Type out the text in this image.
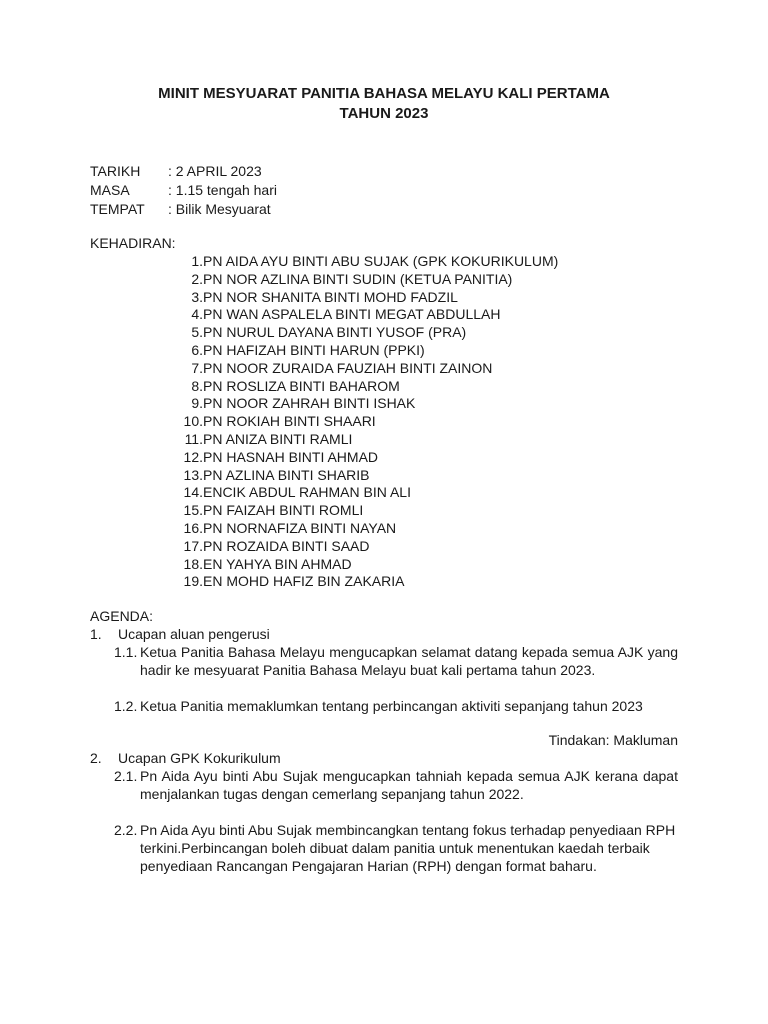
MINIT MESYUARAT PANITIA BAHASA MELAYU KALI PERTAMA
TAHUN 2023
TARIKH	: 2 APRIL 2023
MASA	: 1.15 tengah hari
TEMPAT	: Bilik Mesyuarat
KEHADIRAN:
1. PN AIDA AYU BINTI ABU SUJAK (GPK KOKURIKULUM)
2. PN NOR AZLINA BINTI SUDIN (KETUA PANITIA)
3. PN NOR SHANITA BINTI MOHD FADZIL
4. PN WAN ASPALELA BINTI MEGAT ABDULLAH
5. PN NURUL DAYANA BINTI YUSOF (PRA)
6. PN HAFIZAH BINTI HARUN (PPKI)
7. PN NOOR ZURAIDA FAUZIAH BINTI ZAINON
8. PN ROSLIZA BINTI BAHAROM
9. PN NOOR ZAHRAH BINTI ISHAK
10. PN ROKIAH BINTI SHAARI
11. PN ANIZA BINTI RAMLI
12. PN HASNAH BINTI AHMAD
13. PN AZLINA BINTI SHARIB
14. ENCIK ABDUL RAHMAN BIN ALI
15. PN FAIZAH BINTI ROMLI
16. PN NORNAFIZA BINTI NAYAN
17. PN ROZAIDA BINTI SAAD
18. EN YAHYA BIN AHMAD
19. EN MOHD HAFIZ BIN ZAKARIA
AGENDA:
1.	Ucapan aluan pengerusi
1.1. Ketua Panitia Bahasa Melayu mengucapkan selamat datang kepada semua AJK yang hadir ke mesyuarat Panitia Bahasa Melayu buat kali pertama tahun 2023.
1.2. Ketua Panitia memaklumkan tentang perbincangan aktiviti sepanjang tahun 2023
Tindakan: Makluman
2.	Ucapan GPK Kokurikulum
2.1. Pn Aida Ayu binti Abu Sujak mengucapkan tahniah kepada semua AJK kerana dapat menjalankan tugas dengan cemerlang sepanjang tahun 2022.
2.2. Pn Aida Ayu binti Abu Sujak membincangkan tentang fokus terhadap penyediaan RPH terkini.Perbincangan boleh dibuat dalam panitia untuk menentukan kaedah terbaik penyediaan Rancangan Pengajaran Harian (RPH) dengan format baharu.
